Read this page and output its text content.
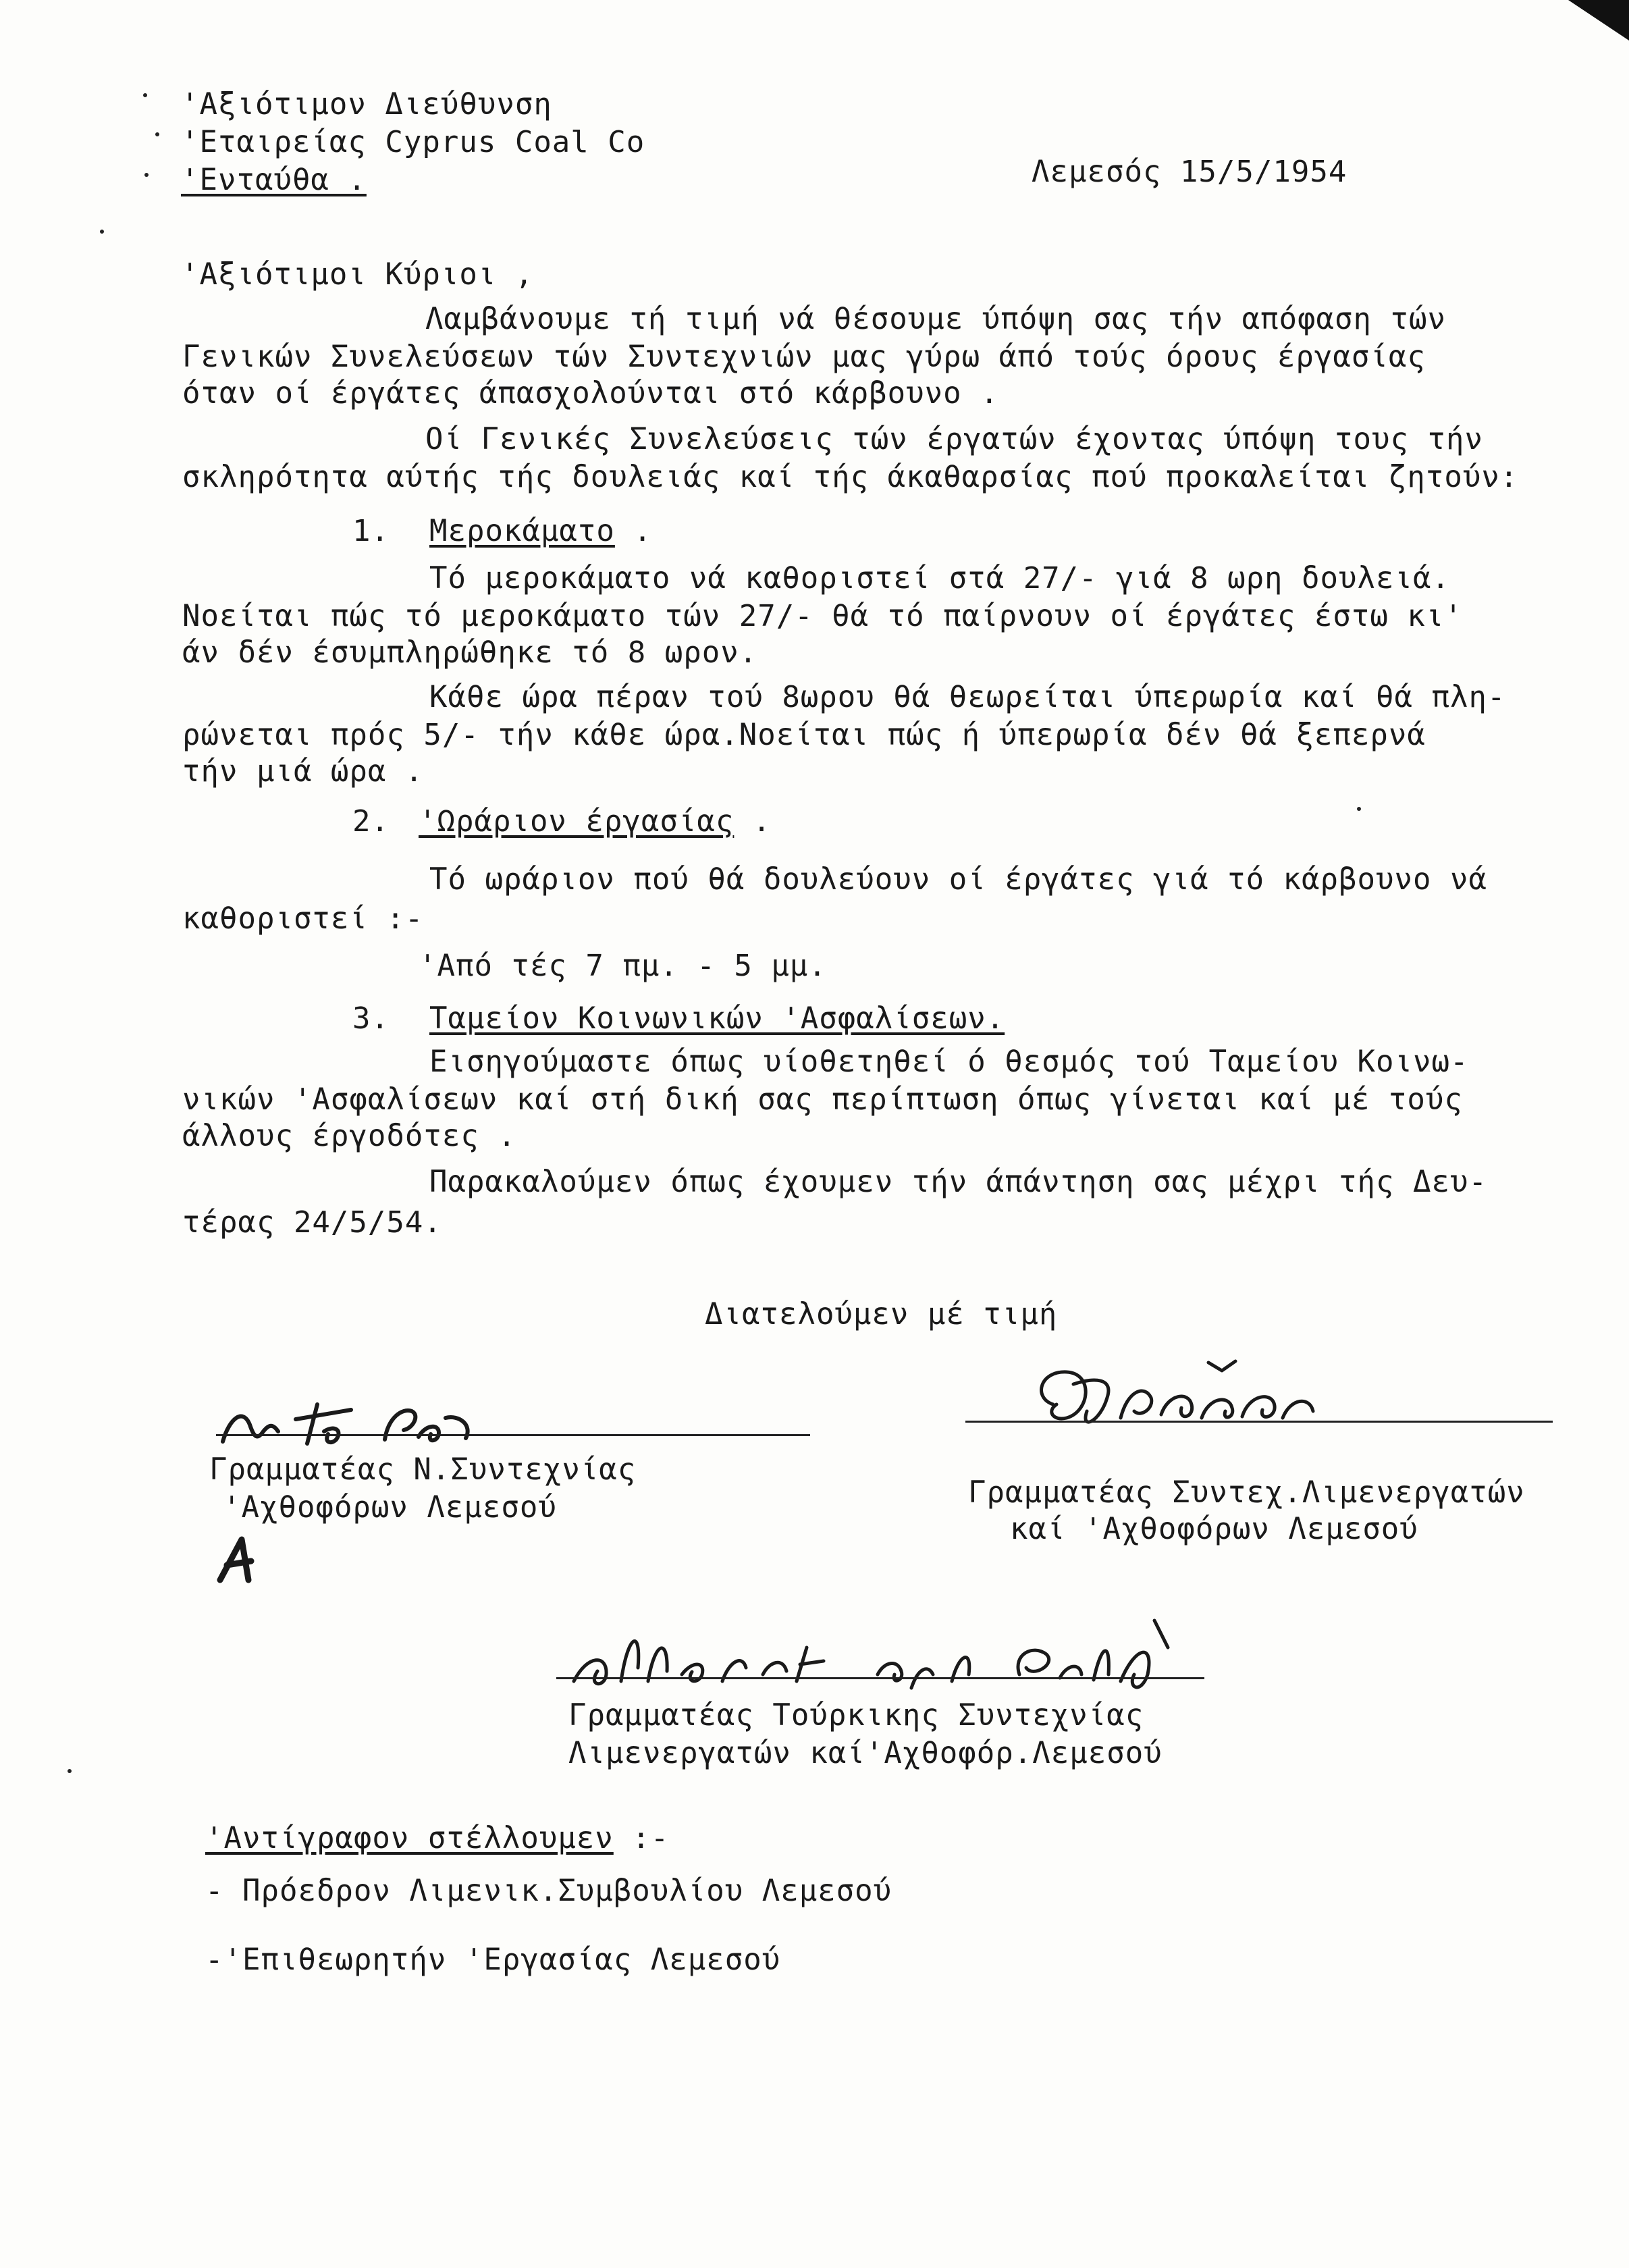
'Αξιότιμον Διεύθυνση
'Εταιρείας Cyprus Coal Co
'Ενταύθα .	Λεμεσός 15/5/1954
'Αξιότιμοι Κύριοι ,
Λαμβάνουμε τή τιμή νά θέσουμε ύπόψη σας τήν απόφαση τών
Γενικών Συνελεύσεων τών Συντεχνιών μας γύρω άπό τούς όρους έργασίας
όταν οί έργάτες άπασχολούνται στό κάρβουνο .
Οί Γενικές Συνελεύσεις τών έργατών έχοντας ύπόψη τους τήν
σκληρότητα αύτής τής δουλειάς καί τής άκαθαρσίας πού προκαλείται ζητούν:
1. Μεροκάματο .
Τό μεροκάματο νά καθοριστεί στά 27/- γιά 8 ωρη δουλειά.
Νοείται πώς τό μεροκάματο τών 27/- θά τό παίρνουν οί έργάτες έστω κι'
άν δέν έσυμπληρώθηκε τό 8 ωρον.
Κάθε ώρα πέραν τού 8ωρου θά θεωρείται ύπερωρία καί θά πλη-
ρώνεται πρός 5/- τήν κάθε ώρα.Νοείται πώς ή ύπερωρία δέν θά ξεπερνά
τήν μιά ώρα .
2. 'Ωράριον έργασίας .
Τό ωράριον πού θά δουλεύουν οί έργάτες γιά τό κάρβουνο νά
καθοριστεί :-
'Από τές 7 πμ. - 5 μμ.
3. Ταμείον Κοινωνικών 'Ασφαλίσεων.
Εισηγούμαστε όπως υίοθετηθεί ό θεσμός τού Ταμείου Κοινω-
νικών 'Ασφαλίσεων καί στή δική σας περίπτωση όπως γίνεται καί μέ τούς
άλλους έργοδότες .
Παρακαλούμεν όπως έχουμεν τήν άπάντηση σας μέχρι τής Δευ-
τέρας 24/5/54.
Διατελούμεν μέ τιμή
Γραμματέας Ν.Συντεχνίας
'Αχθοφόρων Λεμεσού	Γραμματέας Συντεχ.Λιμενεργατών
καί 'Αχθοφόρων Λεμεσού
Γραμματέας Τούρκικης Συντεχνίας
Λιμενεργατών καί'Αχθοφόρ.Λεμεσού
'Αντίγραφον στέλλουμεν :-
- Πρόεδρον Λιμενικ.Συμβουλίου Λεμεσού
-'Επιθεωρητήν 'Εργασίας Λεμεσού
